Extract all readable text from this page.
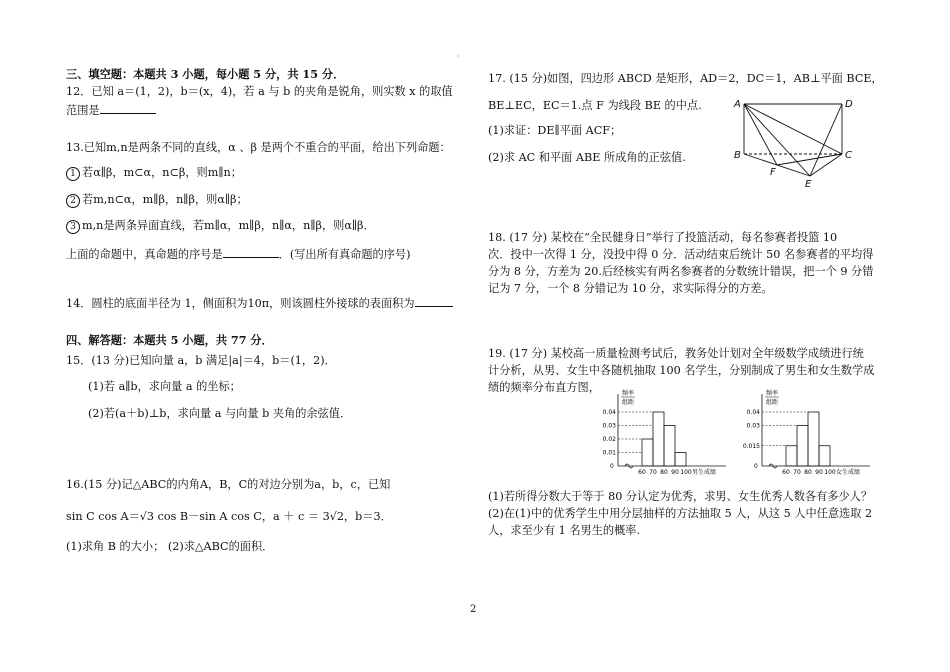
·
三、填空题：本题共 3 小题，每小题 5 分，共 15 分．
12．已知 a＝(1，2)，b＝(x，4)，若 a 与 b 的夹角是锐角，则实数 x 的取值
范围是
13.已知m,n是两条不同的直线，α 、β 是两个不重合的平面，给出下列命题：
1 若α∥β，m⊂α，n⊂β，则m∥n；
2 若m,n⊂α，m∥β，n∥β，则α∥β；
3 m,n是两条异面直线，若m∥α，m∥β，n∥α，n∥β，则α∥β．
上面的命题中，真命题的序号是	．(写出所有真命题的序号)
14．圆柱的底面半径为 1，侧面积为10π，则该圆柱外接球的表面积为
四、解答题：本题共 5 小题，共 77 分．
15．(13 分)已知向量 a，b 满足|a|＝4，b＝(1，2)．
(1)若 a∥b，求向量 a 的坐标；
(2)若(a＋b)⊥b，求向量 a 与向量 b 夹角的余弦值．
16.(15 分)记△ABC的内角A，B，C的对边分别为a，b，c，已知
sin C cos A＝√3 cos B－sin A cos C，a ＋ c ＝ 3√2，b＝3．
(1)求角 B 的大小； (2)求△ABC的面积．
17. (15 分)如图，四边形 ABCD 是矩形，AD＝2，DC＝1，AB⊥平面 BCE，
BE⊥EC，EC＝1.点 F 为线段 BE 的中点.
(1)求证：DE∥平面 ACF；
(2)求 AC 和平面 ABE 所成角的正弦值.
A	D
B	C
F
E
18. (17 分) 某校在“全民健身日”举行了投篮活动，每名参赛者投篮 10
次．投中一次得 1 分，没投中得 0 分．活动结束后统计 50 名参赛者的平均得
分为 8 分，方差为 20.后经核实有两名参赛者的分数统计错误，把一个 9 分错
记为 7 分，一个 8 分错记为 10 分，求实际得分的方差。
19. (17 分) 某校高一质量检测考试后，教务处计划对全年级数学成绩进行统
计分析，从男、女生中各随机抽取 100 名学生，分别制成了男生和女生数学成
绩的频率分布直方图，	频率
组距
0
0.04
0.03
0.02
0.01
60 70 80 90 100 男生成绩
频率
组距
0
0.04
0.03
0.015
60 70 80 90 100 女生成绩
(1)若所得分数大于等于 80 分认定为优秀，求男、女生优秀人数各有多少人？
(2)在(1)中的优秀学生中用分层抽样的方法抽取 5 人，从这 5 人中任意选取 2
人，求至少有 1 名男生的概率.
2
